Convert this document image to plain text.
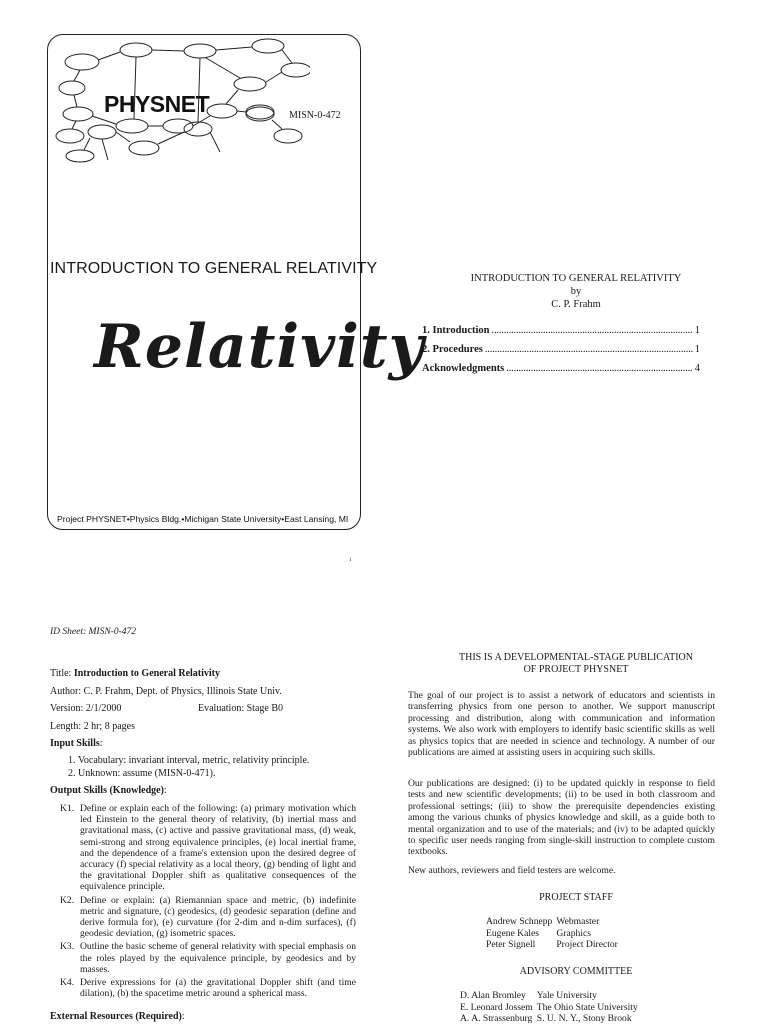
PHYSNET	MISN-0-472
INTRODUCTION TO GENERAL RELATIVITY
Relativity
Project PHYSNET•Physics Bldg.•Michigan State University•East Lansing, MI
1
INTRODUCTION TO GENERAL RELATIVITY
by
C. P. Frahm
1. Introduction . . .	1
2. Procedures . . .	1
Acknowledgments . . .	4
ID Sheet: MISN-0-472
Title: Introduction to General Relativity
Author: C. P. Frahm, Dept. of Physics, Illinois State Univ.
Version: 2/1/2000	Evaluation: Stage B0
Length: 2 hr; 8 pages
Input Skills:
1. Vocabulary: invariant interval, metric, relativity principle.
2. Unknown: assume (MISN-0-471).
Output Skills (Knowledge):
K1. Define or explain each of the following: (a) primary motivation which led Einstein to the general theory of relativity, (b) inertial mass and gravitational mass, (c) active and passive gravitational mass, (d) weak, semi-strong and strong equivalence principles, (e) local inertial frame, and the dependence of a frame's extension upon the desired degree of accuracy (f) special relativity as a local theory, (g) bending of light and the gravitational Doppler shift as qualitative consequences of the equivalence principle.
K2. Define or explain: (a) Riemannian space and metric, (b) indefinite metric and signature, (c) geodesics, (d) geodesic separation (define and derive formula for), (e) curvature (for 2-dim and n-dim surfaces), (f) geodesic deviation, (g) isometric spaces.
K3. Outline the basic scheme of general relativity with special emphasis on the roles played by the equivalence principle, by geodesics and by masses.
K4. Derive expressions for (a) the gravitational Doppler shift (and time dilation), (b) the spacetime metric around a spherical mass.
External Resources (Required):
THIS IS A DEVELOPMENTAL-STAGE PUBLICATION
OF PROJECT PHYSNET
The goal of our project is to assist a network of educators and scientists in transferring physics from one person to another. We support manuscript processing and distribution, along with communication and information systems. We also work with employers to identify basic scientific skills as well as physics topics that are needed in science and technology. A number of our publications are aimed at assisting users in acquiring such skills.
Our publications are designed: (i) to be updated quickly in response to field tests and new scientific developments; (ii) to be used in both classroom and professional settings; (iii) to show the prerequisite dependencies existing among the various chunks of physics knowledge and skill, as a guide both to mental organization and to use of the materials; and (iv) to be adapted quickly to specific user needs ranging from single-skill instruction to complete custom textbooks.
New authors, reviewers and field testers are welcome.
PROJECT STAFF
Andrew Schnepp	Webmaster
Eugene Kales	Graphics
Peter Signell	Project Director
ADVISORY COMMITTEE
D. Alan Bromley	Yale University
E. Leonard Jossem	The Ohio State University
A. A. Strassenburg	S. U. N. Y., Stony Brook
